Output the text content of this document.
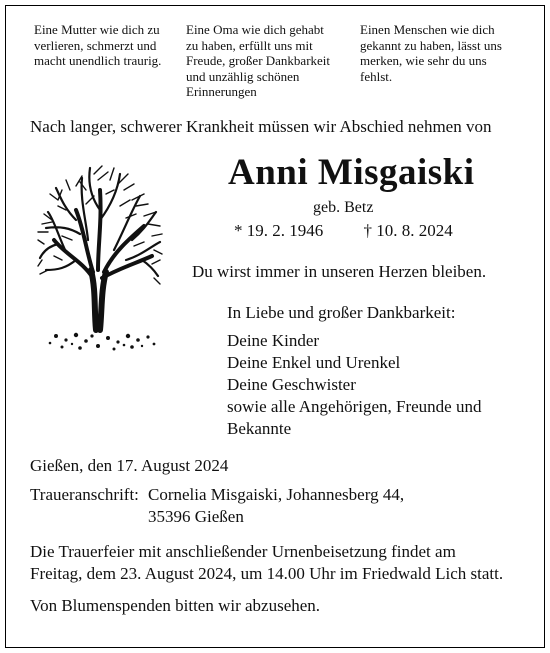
Eine Mutter wie dich zu
verlieren, schmerzt und
macht unendlich traurig.
Eine Oma wie dich gehabt
zu haben, erfüllt uns mit
Freude, großer Dankbarkeit
und unzählig schönen
Erinnerungen
Einen Menschen wie dich
gekannt zu haben, lässt uns
merken, wie sehr du uns
fehlst.
Nach langer, schwerer Krankheit müssen wir Abschied nehmen von
Anni Misgaiski
geb. Betz
* 19. 2. 1946 † 10. 8. 2024
Du wirst immer in unseren Herzen bleiben.
In Liebe und großer Dankbarkeit:
Deine Kinder
Deine Enkel und Urenkel
Deine Geschwister
sowie alle Angehörigen, Freunde und
Bekannte
Gießen, den 17. August 2024
Traueranschrift: Cornelia Misgaiski, Johannesberg 44,
35396 Gießen
Die Trauerfeier mit anschließender Urnenbeisetzung findet am
Freitag, dem 23. August 2024, um 14.00 Uhr im Friedwald Lich statt.
Von Blumenspenden bitten wir abzusehen.
